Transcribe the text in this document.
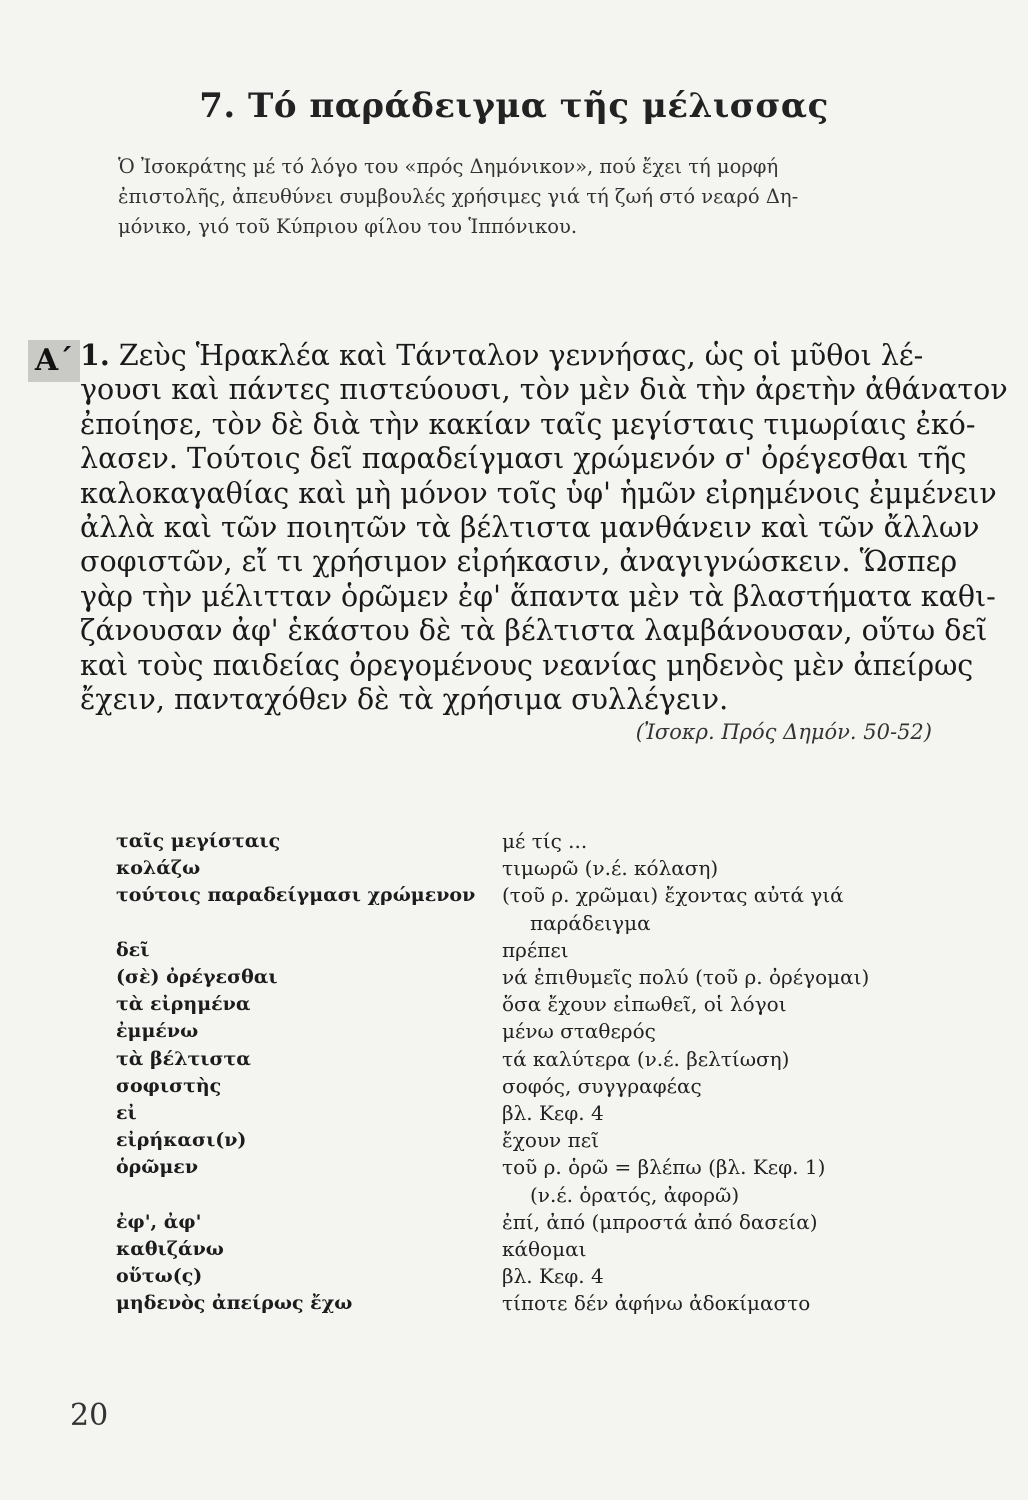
7. Τό παράδειγμα τῆς μέλισσας
Ὁ Ἰσοκράτης μέ τό λόγο του «πρός Δημόνικον», πού ἔχει τή μορφή
ἐπιστολῆς, ἀπευθύνει συμβουλές χρήσιμες γιά τή ζωή στό νεαρό Δη-
μόνικο, γιό τοῦ Κύπριου φίλου του Ἱππόνικου.
Α΄ 1. Ζεὺς Ἡρακλέα καὶ Τάνταλον γεννήσας, ὡς οἱ μῦθοι λέ-
γουσι καὶ πάντες πιστεύουσι, τὸν μὲν διὰ τὴν ἀρετὴν ἀθάνατον
ἐποίησε, τὸν δὲ διὰ τὴν κακίαν ταῖς μεγίσταις τιμωρίαις ἐκό-
λασεν. Τούτοις δεῖ παραδείγμασι χρώμενόν σ' ὀρέγεσθαι τῆς
καλοκαγαθίας καὶ μὴ μόνον τοῖς ὑφ' ἡμῶν εἰρημένοις ἐμμένειν
ἀλλὰ καὶ τῶν ποιητῶν τὰ βέλτιστα μανθάνειν καὶ τῶν ἄλλων
σοφιστῶν, εἴ τι χρήσιμον εἰρήκασιν, ἀναγιγνώσκειν. Ὥσπερ
γὰρ τὴν μέλιτταν ὁρῶμεν ἐφ' ἅπαντα μὲν τὰ βλαστήματα καθι-
ζάνουσαν ἀφ' ἑκάστου δὲ τὰ βέλτιστα λαμβάνουσαν, οὕτω δεῖ
καὶ τοὺς παιδείας ὀρεγομένους νεανίας μηδενὸς μὲν ἀπείρως
ἔχειν, πανταχόθεν δὲ τὰ χρήσιμα συλλέγειν.
(Ἰσοκρ. Πρός Δημόν. 50-52)
ταῖς μεγίσταις	μέ τίς ...
κολάζω	τιμωρῶ (ν.έ. κόλαση)
τούτοις παραδείγμασι χρώμενον	(τοῦ ρ. χρῶμαι) ἔχοντας αὐτά γιά
παράδειγμα
δεῖ	πρέπει
(σὲ) ὀρέγεσθαι	νά ἐπιθυμεῖς πολύ (τοῦ ρ. ὀρέγομαι)
τὰ εἰρημένα	ὅσα ἔχουν εἰπωθεῖ, οἱ λόγοι
ἐμμένω	μένω σταθερός
τὰ βέλτιστα	τά καλύτερα (ν.έ. βελτίωση)
σοφιστὴς	σοφός, συγγραφέας
εἰ	βλ. Κεφ. 4
εἰρήκασι(ν)	ἔχουν πεῖ
ὁρῶμεν	τοῦ ρ. ὁρῶ = βλέπω (βλ. Κεφ. 1)
(ν.έ. ὁρατός, ἀφορῶ)
ἐφ', ἀφ'	ἐπί, ἀπό (μπροστά ἀπό δασεία)
καθιζάνω	κάθομαι
οὕτω(ς)	βλ. Κεφ. 4
μηδενὸς ἀπείρως ἔχω	τίποτε δέν ἀφήνω ἀδοκίμαστο
20
